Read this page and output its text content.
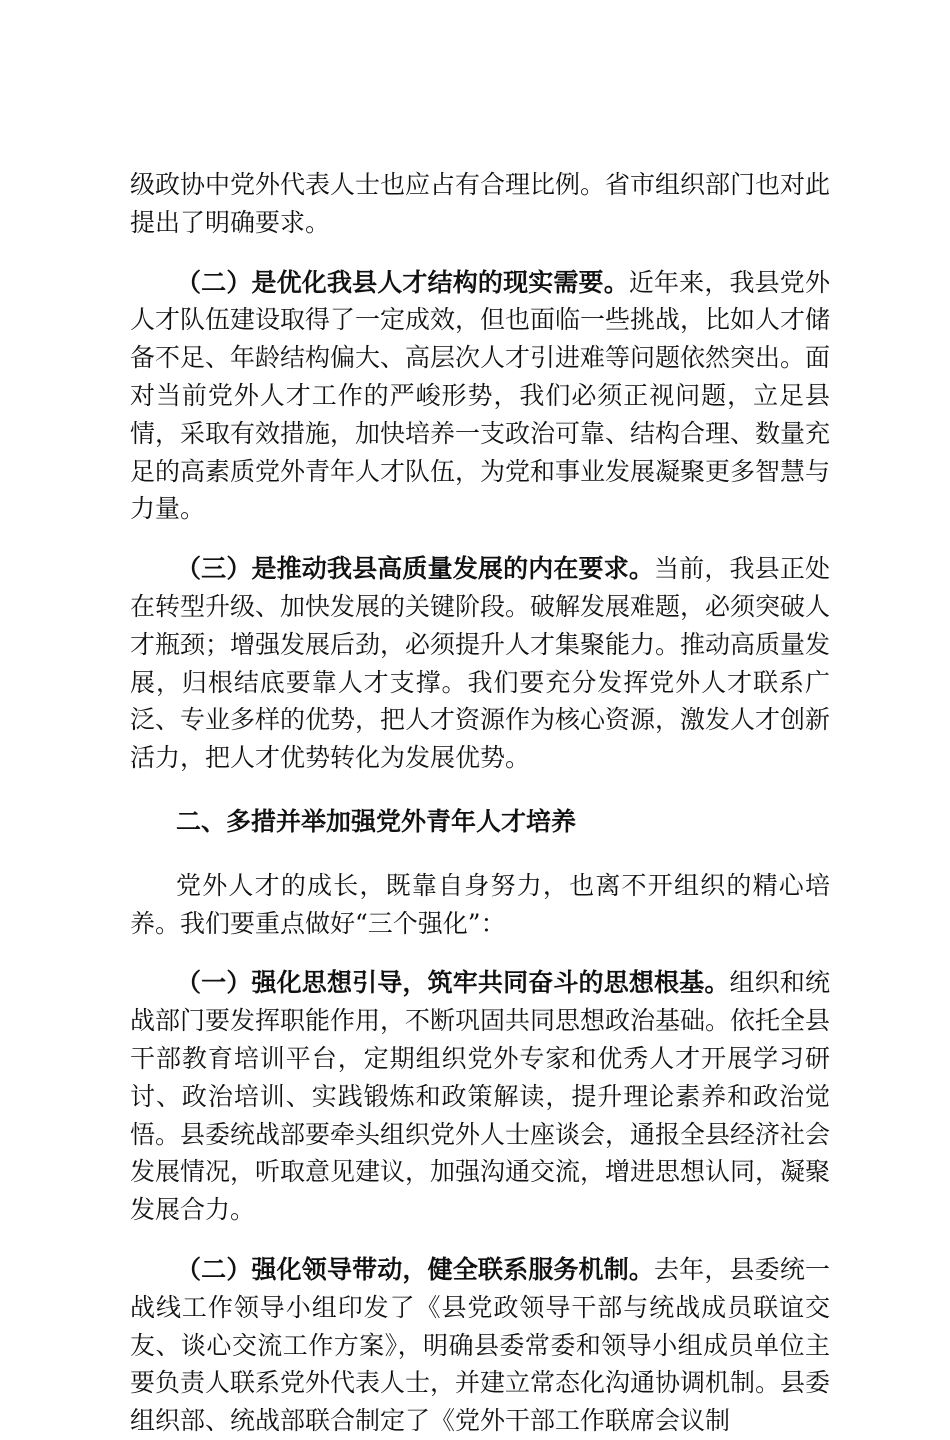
级政协中党外代表人士也应占有合理比例。省市组织部门也对此提出了明确要求。

（二）是优化我县人才结构的现实需要。近年来，我县党外人才队伍建设取得了一定成效，但也面临一些挑战，比如人才储备不足、年龄结构偏大、高层次人才引进难等问题依然突出。面对当前党外人才工作的严峻形势，我们必须正视问题，立足县情，采取有效措施，加快培养一支政治可靠、结构合理、数量充足的高素质党外青年人才队伍，为党和事业发展凝聚更多智慧与力量。

（三）是推动我县高质量发展的内在要求。当前，我县正处在转型升级、加快发展的关键阶段。破解发展难题，必须突破人才瓶颈；增强发展后劲，必须提升人才集聚能力。推动高质量发展，归根结底要靠人才支撑。我们要充分发挥党外人才联系广泛、专业多样的优势，把人才资源作为核心资源，激发人才创新活力，把人才优势转化为发展优势。

二、多措并举加强党外青年人才培养

党外人才的成长，既靠自身努力，也离不开组织的精心培养。我们要重点做好“三个强化”：

（一）强化思想引导，筑牢共同奋斗的思想根基。组织和统战部门要发挥职能作用，不断巩固共同思想政治基础。依托全县干部教育培训平台，定期组织党外专家和优秀人才开展学习研讨、政治培训、实践锻炼和政策解读，提升理论素养和政治觉悟。县委统战部要牵头组织党外人士座谈会，通报全县经济社会发展情况，听取意见建议，加强沟通交流，增进思想认同，凝聚发展合力。

（二）强化领导带动，健全联系服务机制。去年，县委统一战线工作领导小组印发了《县党政领导干部与统战成员联谊交友、谈心交流工作方案》，明确县委常委和领导小组成员单位主要负责人联系党外代表人士，并建立常态化沟通协调机制。县委组织部、统战部联合制定了《党外干部工作联席会议制
